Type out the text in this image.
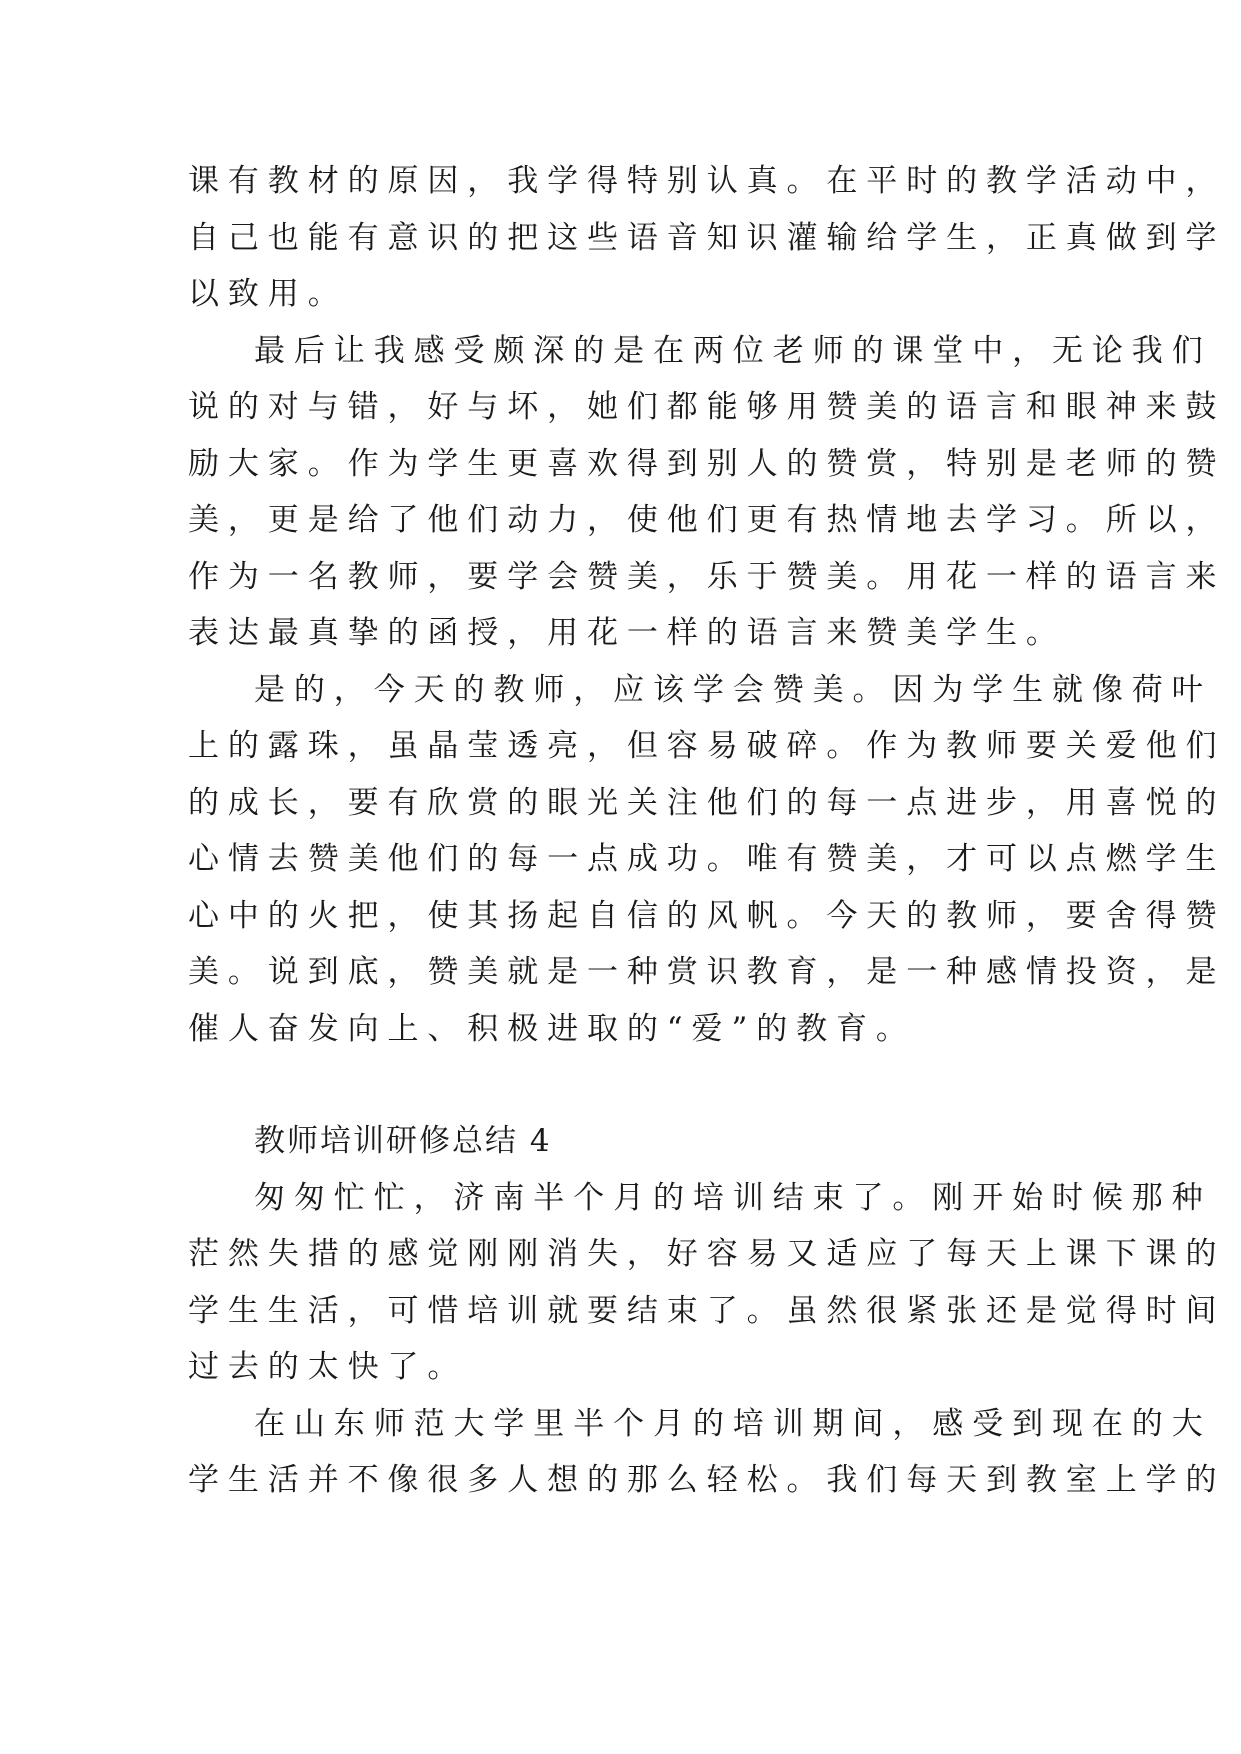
课有教材的原因，我学得特别认真。在平时的教学活动中，
自己也能有意识的把这些语音知识灌输给学生，正真做到学
以致用。
最后让我感受颇深的是在两位老师的课堂中，无论我们
说的对与错，好与坏，她们都能够用赞美的语言和眼神来鼓
励大家。作为学生更喜欢得到别人的赞赏，特别是老师的赞
美，更是给了他们动力，使他们更有热情地去学习。所以，
作为一名教师，要学会赞美，乐于赞美。用花一样的语言来
表达最真挚的函授，用花一样的语言来赞美学生。
是的，今天的教师，应该学会赞美。因为学生就像荷叶
上的露珠，虽晶莹透亮，但容易破碎。作为教师要关爱他们
的成长，要有欣赏的眼光关注他们的每一点进步，用喜悦的
心情去赞美他们的每一点成功。唯有赞美，才可以点燃学生
心中的火把，使其扬起自信的风帆。今天的教师，要舍得赞
美。说到底，赞美就是一种赏识教育，是一种感情投资，是
催人奋发向上、积极进取的“爱”的教育。
教师培训研修总结 4
匆匆忙忙，济南半个月的培训结束了。刚开始时候那种
茫然失措的感觉刚刚消失，好容易又适应了每天上课下课的
学生生活，可惜培训就要结束了。虽然很紧张还是觉得时间
过去的太快了。
在山东师范大学里半个月的培训期间，感受到现在的大
学生活并不像很多人想的那么轻松。我们每天到教室上学的
